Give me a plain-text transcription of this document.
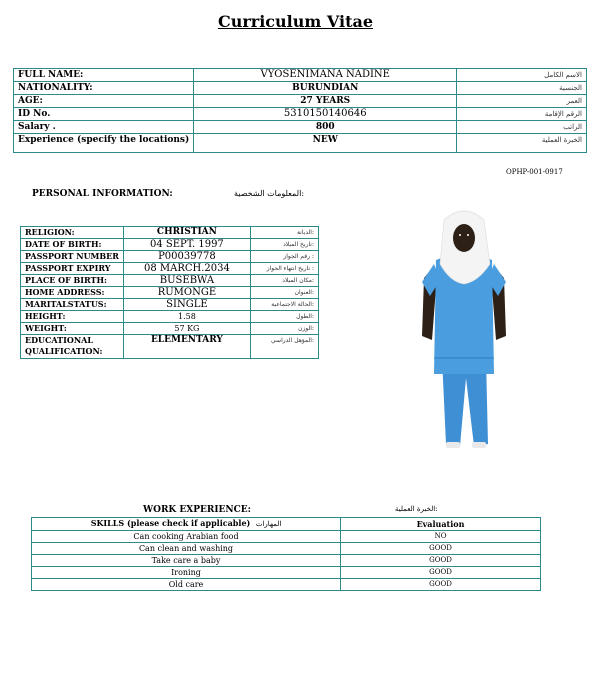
Curriculum Vitae
FULL NAME:	VYOSENIMANA NADINE	الاسم الكامل
NATIONALITY:	BURUNDIAN	الجنسية
AGE:	27 YEARS	العمر
ID No.	5310150140646	الرقم الإقامة
Salary .	800	الراتب
Experience (specify the locations)	NEW	الخبرة العملية
OPHP-001-0917
PERSONAL INFORMATION:	المعلومات الشخصية:
RELIGION:	CHRISTIAN	الديانة:
DATE OF BIRTH:	04 SEPT. 1997	تاريخ الميلاد:
PASSPORT NUMBER	P00039778	رقم الجواز :
PASSPORT EXPIRY	08 MARCH.2034	تاريخ انتهاء الجواز :
PLACE OF BIRTH:	BUSEBWA	مكان الميلاد:
HOME ADDRESS:	RUMONGE	العنوان:
MARITALSTATUS:	SINGLE	الحالة الاجتماعية:
HEIGHT:	1.58	الطول:
WEIGHT:	57 KG	الوزن:
EDUCATIONAL QUALIFICATION:	ELEMENTARY	المؤهل الدراسي:
WORK EXPERIENCE:	الخبرة العملية:
SKILLS (please check if applicable) المهارات	Evaluation
Can cooking Arabian food	NO
Can clean and washing	GOOD
Take care a baby	GOOD
Ironing	GOOD
Old care	GOOD
